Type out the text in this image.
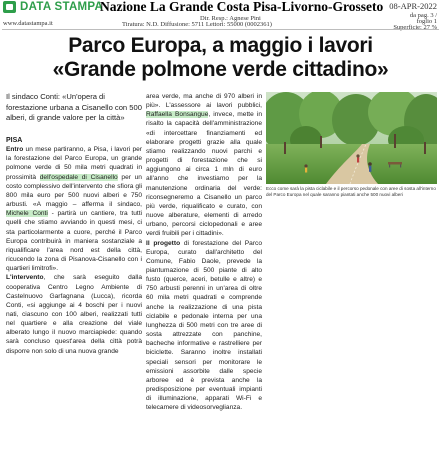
DATA STAMPA
Nazione La Grande Costa Pisa-Livorno-Grosseto 08-APR-2022
da pag. 3 /
foglio 1
Superficie: 27 %
www.datastampa.it
Dir. Resp.: Agnese Pini
Tiratura: N.D. Diffusione: 5711 Lettori: 55000 (0002361)
Parco Europa, a maggio i lavori
«Grande polmone verde cittadino»
Il sindaco Conti: «Un'opera di forestazione urbana a Cisanello con 500 alberi, di grande valore per la città»

PISA

Entro un mese partiranno, a Pisa, i lavori per la forestazione del Parco Europa, un grande polmone verde di 50 mila metri quadrati in prossimità dell'ospedale di Cisanello per un costo complessivo dell'intervento che sfiora gli 800 mila euro per 500 nuovi alberi e 750 arbusti. «A maggio – afferma il sindaco, Michele Conti - partirà un cantiere, tra tutti quelli che stiamo avviando in questi mesi, ci sta particolarmente a cuore, perché il Parco Europa contribuirà in maniera sostanziale a riqualificare l'area nord est della città, ricucendo la zona di Pisanova-Cisanello con i quartieri limitrofi».

L'intervento, che sarà eseguito dalla cooperativa Centro Legno Ambiente di Castelnuovo Garfagnana (Lucca), ricorda Conti, «si aggiunge ai 4 boschi per i nuovi nati, ciascuno con 100 alberi, realizzati tutti nel quartiere e alla creazione del viale alberato lungo il nuovo marciapiede: quando sarà concluso quest'area della città potrà disporre non solo di una nuova grande

area verde, ma anche di 970 alberi in più». L'assessore ai lavori pubblici, Raffaella Bonsangue, invece, mette in risalto la capacità dell'amministrazione «di intercettare finanziamenti ed elaborare progetti grazie alla quale stiamo realizzando nuovi parchi e progetti di forestazione che si aggiungono ai circa 1 mln di euro all'anno che investiamo per la manutenzione ordinaria del verde: riconsegneremo a Cisanello un parco più verde, riqualificato e curato, con nuove alberature, elementi di arredo urbano, percorsi ciclopedonali e aree verdi fruibili per i cittadini».

Il progetto di forestazione del Parco Europa, curato dall'architetto del Comune, Fabio Daole, prevede la piantumazione di 500 piante di alto fusto (querce, aceri, betulle e altre) e 750 arbusti perenni in un'area di oltre 60 mila metri quadrati e comprende anche la realizzazione di una pista ciclabile e pedonale interna per una lunghezza di 500 metri con tre aree di sosta attrezzate con panchine, bacheche informative e rastrelliere per biciclette. Saranno inoltre installati speciali sensori per monitorare le emissioni assorbite dalle specie arboree ed è prevista anche la predisposizione per eventuali impianti di illuminazione, apparati Wi-Fi e telecamere di videosorveglianza.

Ecco come sarà la pista ciclabile e il percorso pedonale con aree di sosta all'interno del Parco Europa nel quale saranno piantati anche 500 nuovi alberi
